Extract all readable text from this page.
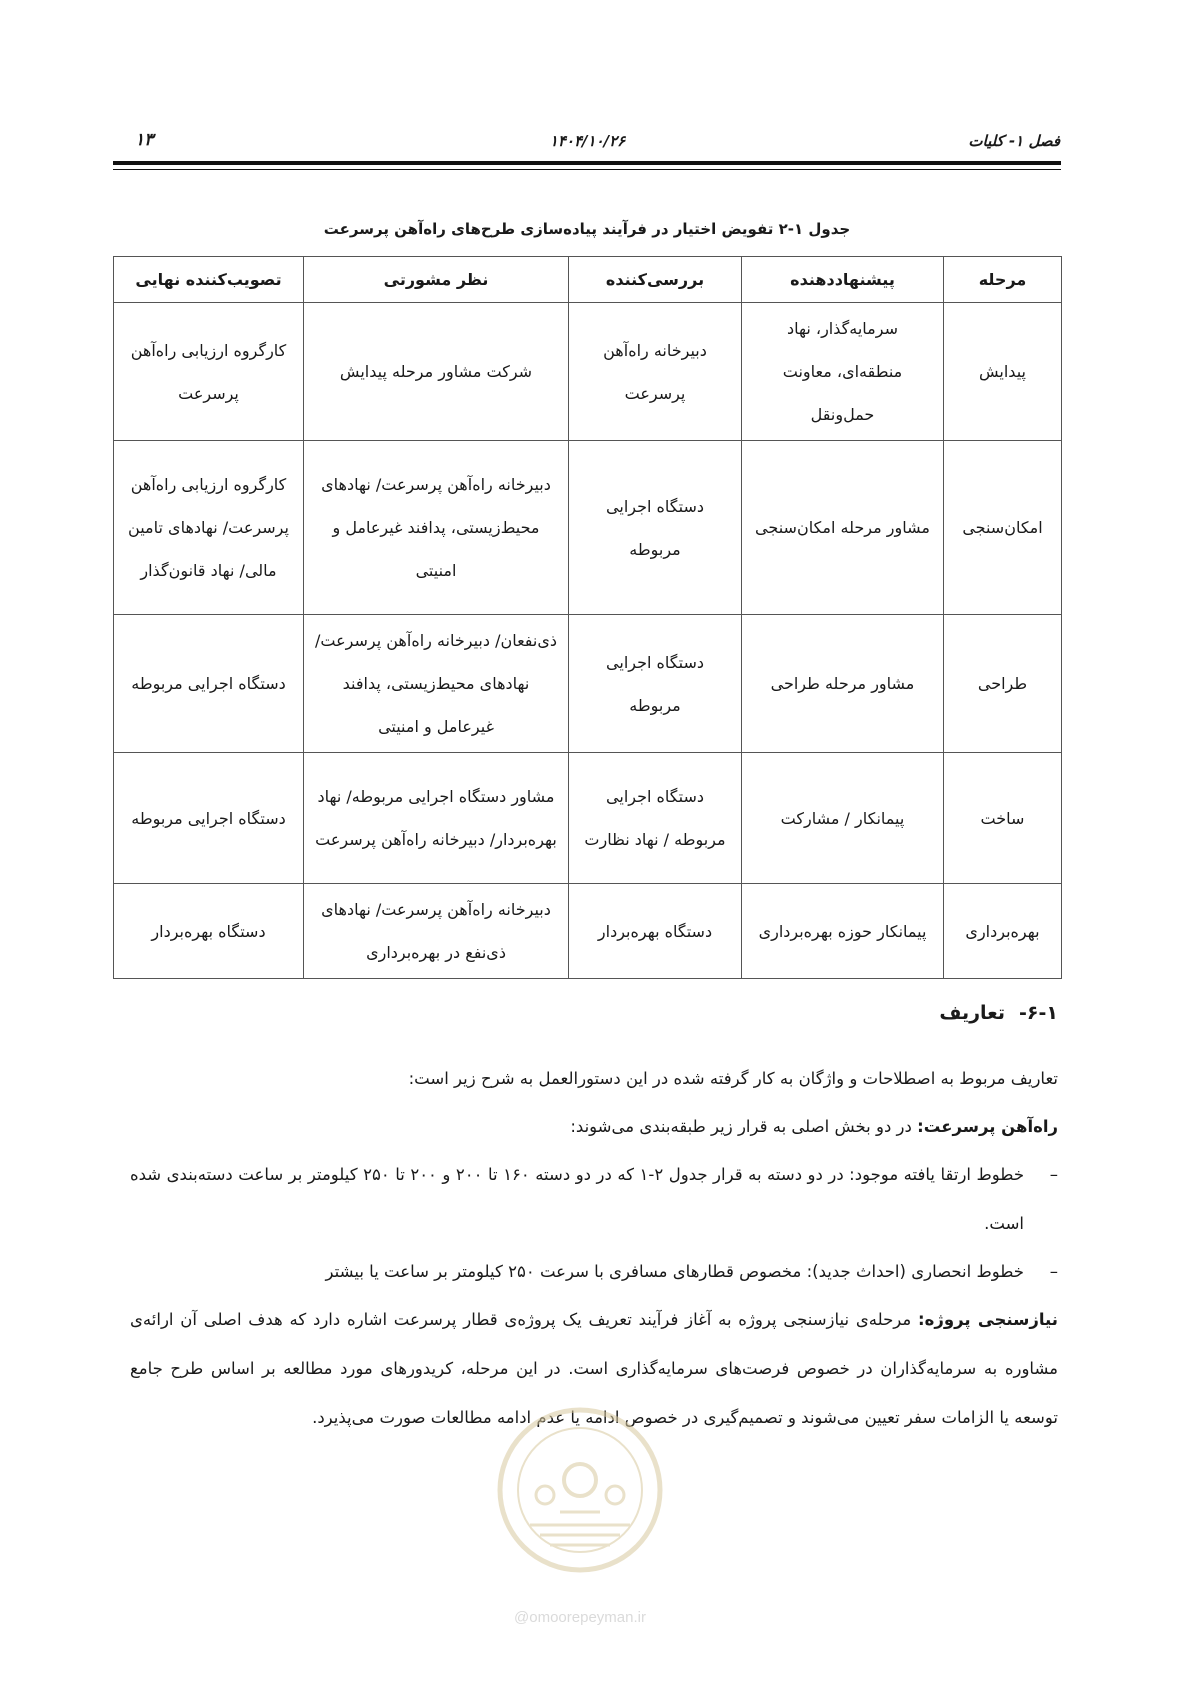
فصل ۱- کلیات
۱۴۰۴/۱۰/۲۶
۱۳
جدول ۱-۲ تفویض اختیار در فرآیند پیاده‌سازی طرح‌های راه‌آهن پرسرعت
مرحله	پیشنهاددهنده	بررسی‌کننده	نظر مشورتی	تصویب‌کننده نهایی
پیدایش	سرمایه‌گذار، نهاد منطقه‌ای، معاونت حمل‌ونقل	دبیرخانه راه‌آهن پرسرعت	شرکت مشاور مرحله پیدایش	کارگروه ارزیابی راه‌آهن پرسرعت
امکان‌سنجی	مشاور مرحله امکان‌سنجی	دستگاه اجرایی مربوطه	دبیرخانه راه‌آهن پرسرعت/ نهادهای محیط‌زیستی، پدافند غیرعامل و امنیتی	کارگروه ارزیابی راه‌آهن پرسرعت/ نهادهای تامین مالی/ نهاد قانون‌گذار
طراحی	مشاور مرحله طراحی	دستگاه اجرایی مربوطه	ذی‌نفعان/ دبیرخانه راه‌آهن پرسرعت/ نهادهای محیط‌زیستی، پدافند غیرعامل و امنیتی	دستگاه اجرایی مربوطه
ساخت	پیمانکار / مشارکت	دستگاه اجرایی مربوطه / نهاد نظارت	مشاور دستگاه اجرایی مربوطه/ نهاد بهره‌بردار/ دبیرخانه راه‌آهن پرسرعت	دستگاه اجرایی مربوطه
بهره‌برداری	پیمانکار حوزه بهره‌برداری	دستگاه بهره‌بردار	دبیرخانه راه‌آهن پرسرعت/ نهادهای ذی‌نفع در بهره‌برداری	دستگاه بهره‌بردار
۶-۱-تعاریف
تعاریف مربوط به اصطلاحات و واژگان به کار گرفته شده در این دستورالعمل به شرح زیر است:
راه‌آهن پرسرعت: در دو بخش اصلی به قرار زیر طبقه‌بندی می‌شوند:
–
خطوط ارتقا یافته موجود: در دو دسته به قرار جدول ۲-۱ که در دو دسته ۱۶۰ تا ۲۰۰ و ۲۰۰ تا ۲۵۰ کیلومتر بر ساعت دسته‌بندی شده است.
–
خطوط انحصاری (احداث جدید): مخصوص قطارهای مسافری با سرعت ۲۵۰ کیلومتر بر ساعت یا بیشتر
نیازسنجی پروژه: مرحله‌ی نیازسنجی پروژه به آغاز فرآیند تعریف یک پروژه‌ی قطار پرسرعت اشاره دارد که هدف اصلی آن ارائه‌ی مشاوره به سرمایه‌گذاران در خصوص فرصت‌های سرمایه‌گذاری است. در این مرحله، کریدورهای مورد مطالعه بر اساس طرح جامع توسعه یا الزامات سفر تعیین می‌شوند و تصمیم‌گیری در خصوص ادامه یا عدم ادامه مطالعات صورت می‌پذیرد.
@omoorepeyman.ir
